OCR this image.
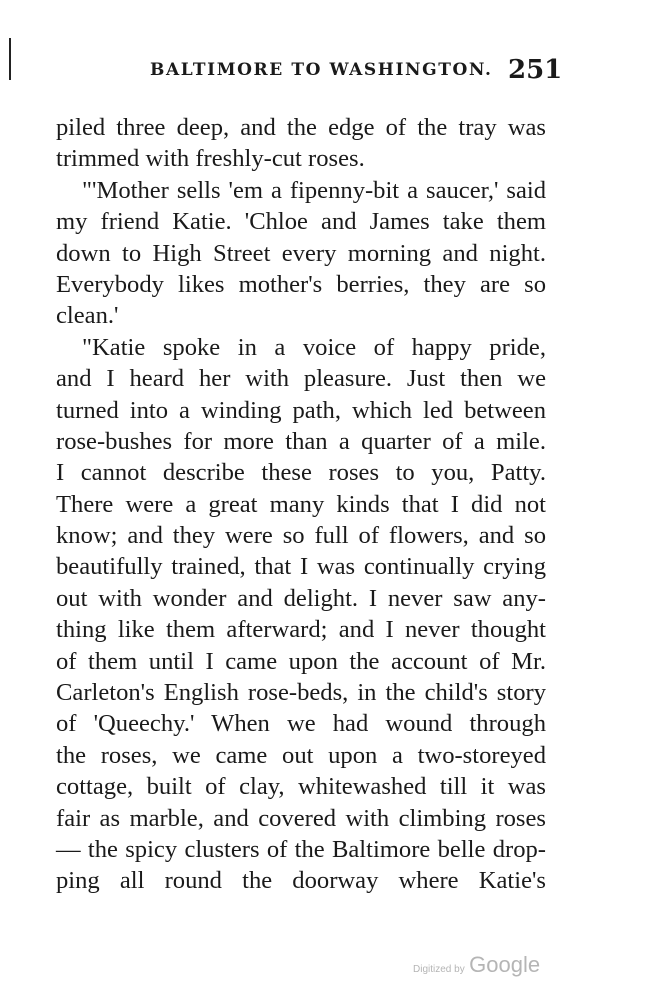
BALTIMORE TO WASHINGTON. 251
piled three deep, and the edge of the tray was
trimmed with freshly-cut roses.
"'Mother sells 'em a fipenny-bit a saucer,' said
my friend Katie. 'Chloe and James take them
down to High Street every morning and night.
Everybody likes mother's berries, they are so
clean.'
"Katie spoke in a voice of happy pride,
and I heard her with pleasure. Just then we
turned into a winding path, which led between
rose-bushes for more than a quarter of a mile.
I cannot describe these roses to you, Patty.
There were a great many kinds that I did not
know; and they were so full of flowers, and so
beautifully trained, that I was continually crying
out with wonder and delight. I never saw any-
thing like them afterward; and I never thought
of them until I came upon the account of Mr.
Carleton's English rose-beds, in the child's story
of 'Queechy.' When we had wound through
the roses, we came out upon a two-storeyed
cottage, built of clay, whitewashed till it was
fair as marble, and covered with climbing roses
— the spicy clusters of the Baltimore belle drop-
ping all round the doorway where Katie's
Digitized by Google
